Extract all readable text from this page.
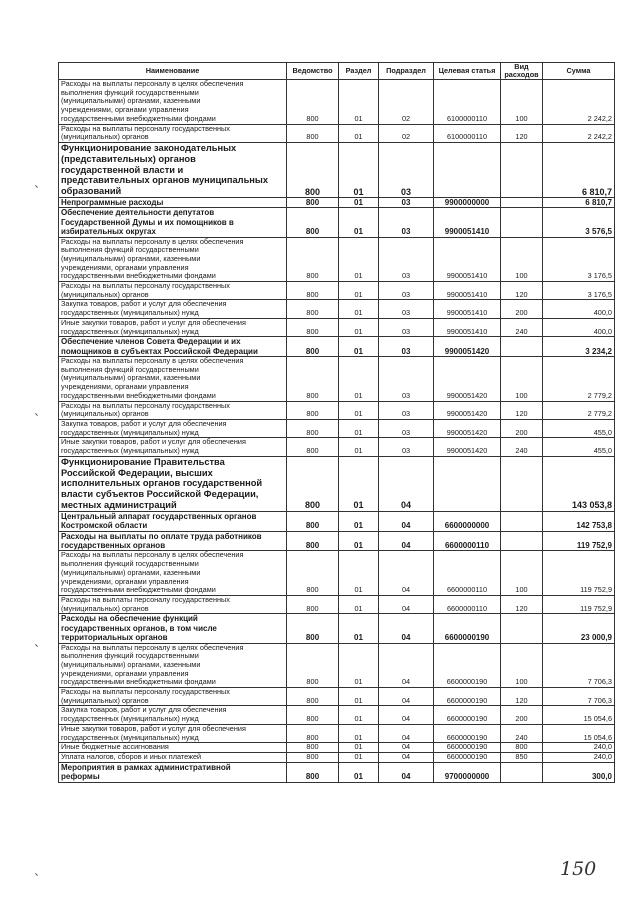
Наименование	Ведомство	Раздел	Подраздел	Целевая статья	Вид расходов	Сумма
Расходы на выплаты персоналу в целях обеспечения
выполнения функций государственными
(муниципальными) органами, казенными
учреждениями, органами управления
государственными внебюджетными фондами	800	01	02	6100000110	100	2 242,2
Расходы на выплаты персоналу государственных
(муниципальных) органов	800	01	02	6100000110	120	2 242,2
Функционирование законодательных
(представительных) органов
государственной власти и
представительных органов муниципальных
образований	800	01	03			6 810,7
Непрограммные расходы	800	01	03	9900000000		6 810,7
Обеспечение деятельности депутатов
Государственной Думы и их помощников в
избирательных округах	800	01	03	9900051410		3 576,5
Расходы на выплаты персоналу в целях обеспечения
выполнения функций государственными
(муниципальными) органами, казенными
учреждениями, органами управления
государственными внебюджетными фондами	800	01	03	9900051410	100	3 176,5
Расходы на выплаты персоналу государственных
(муниципальных) органов	800	01	03	9900051410	120	3 176,5
Закупка товаров, работ и услуг для обеспечения
государственных (муниципальных) нужд	800	01	03	9900051410	200	400,0
Иные закупки товаров, работ и услуг для обеспечения
государственных (муниципальных) нужд	800	01	03	9900051410	240	400,0
Обеспечение членов Совета Федерации и их
помощников в субъектах Российской Федерации	800	01	03	9900051420		3 234,2
Расходы на выплаты персоналу в целях обеспечения
выполнения функций государственными
(муниципальными) органами, казенными
учреждениями, органами управления
государственными внебюджетными фондами	800	01	03	9900051420	100	2 779,2
Расходы на выплаты персоналу государственных
(муниципальных) органов	800	01	03	9900051420	120	2 779,2
Закупка товаров, работ и услуг для обеспечения
государственных (муниципальных) нужд	800	01	03	9900051420	200	455,0
Иные закупки товаров, работ и услуг для обеспечения
государственных (муниципальных) нужд	800	01	03	9900051420	240	455,0
Функционирование Правительства
Российской Федерации, высших
исполнительных органов государственной
власти субъектов Российской Федерации,
местных администраций	800	01	04			143 053,8
Центральный аппарат государственных органов
Костромской области	800	01	04	6600000000		142 753,8
Расходы на выплаты по оплате труда работников
государственных органов	800	01	04	6600000110		119 752,9
Расходы на выплаты персоналу в целях обеспечения
выполнения функций государственными
(муниципальными) органами, казенными
учреждениями, органами управления
государственными внебюджетными фондами	800	01	04	6600000110	100	119 752,9
Расходы на выплаты персоналу государственных
(муниципальных) органов	800	01	04	6600000110	120	119 752,9
Расходы на обеспечение функций
государственных органов, в том числе
территориальных органов	800	01	04	6600000190		23 000,9
Расходы на выплаты персоналу в целях обеспечения
выполнения функций государственными
(муниципальными) органами, казенными
учреждениями, органами управления
государственными внебюджетными фондами	800	01	04	6600000190	100	7 706,3
Расходы на выплаты персоналу государственных
(муниципальных) органов	800	01	04	6600000190	120	7 706,3
Закупка товаров, работ и услуг для обеспечения
государственных (муниципальных) нужд	800	01	04	6600000190	200	15 054,6
Иные закупки товаров, работ и услуг для обеспечения
государственных (муниципальных) нужд	800	01	04	6600000190	240	15 054,6
Иные бюджетные ассигнования	800	01	04	6600000190	800	240,0
Уплата налогов, сборов и иных платежей	800	01	04	6600000190	850	240,0
Мероприятия в рамках административной
реформы	800	01	04	9700000000		300,0
150
